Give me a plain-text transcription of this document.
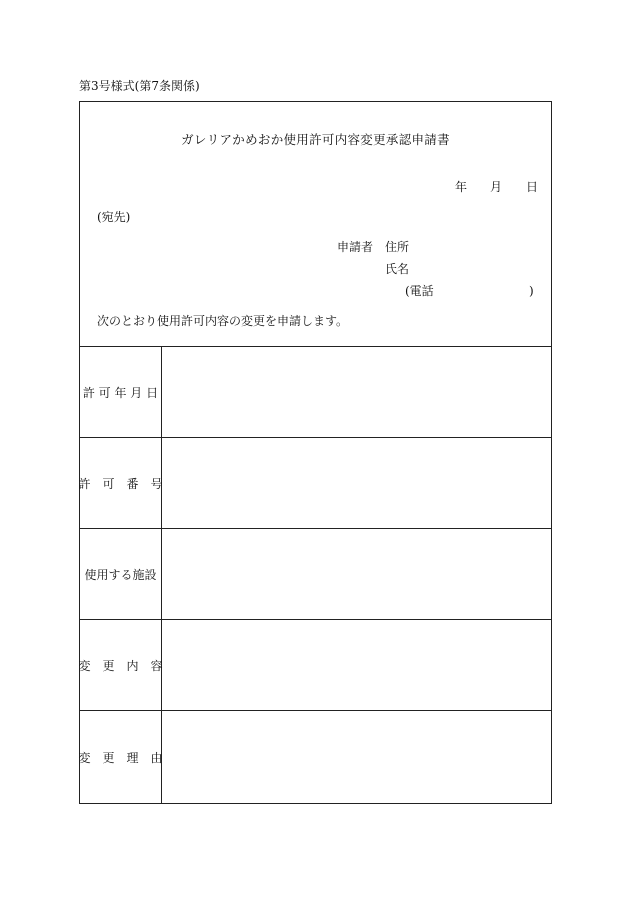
第3号様式(第7条関係)
ガレリアかめおか使用許可内容変更承認申請書
年 月 日
(宛先)
申請者 住所
氏名
(電話	)
次のとおり使用許可内容の変更を申請します。
許 可 年 月 日
許　可　番　号
使用する施設
変　更　内　容
変　更　理　由
